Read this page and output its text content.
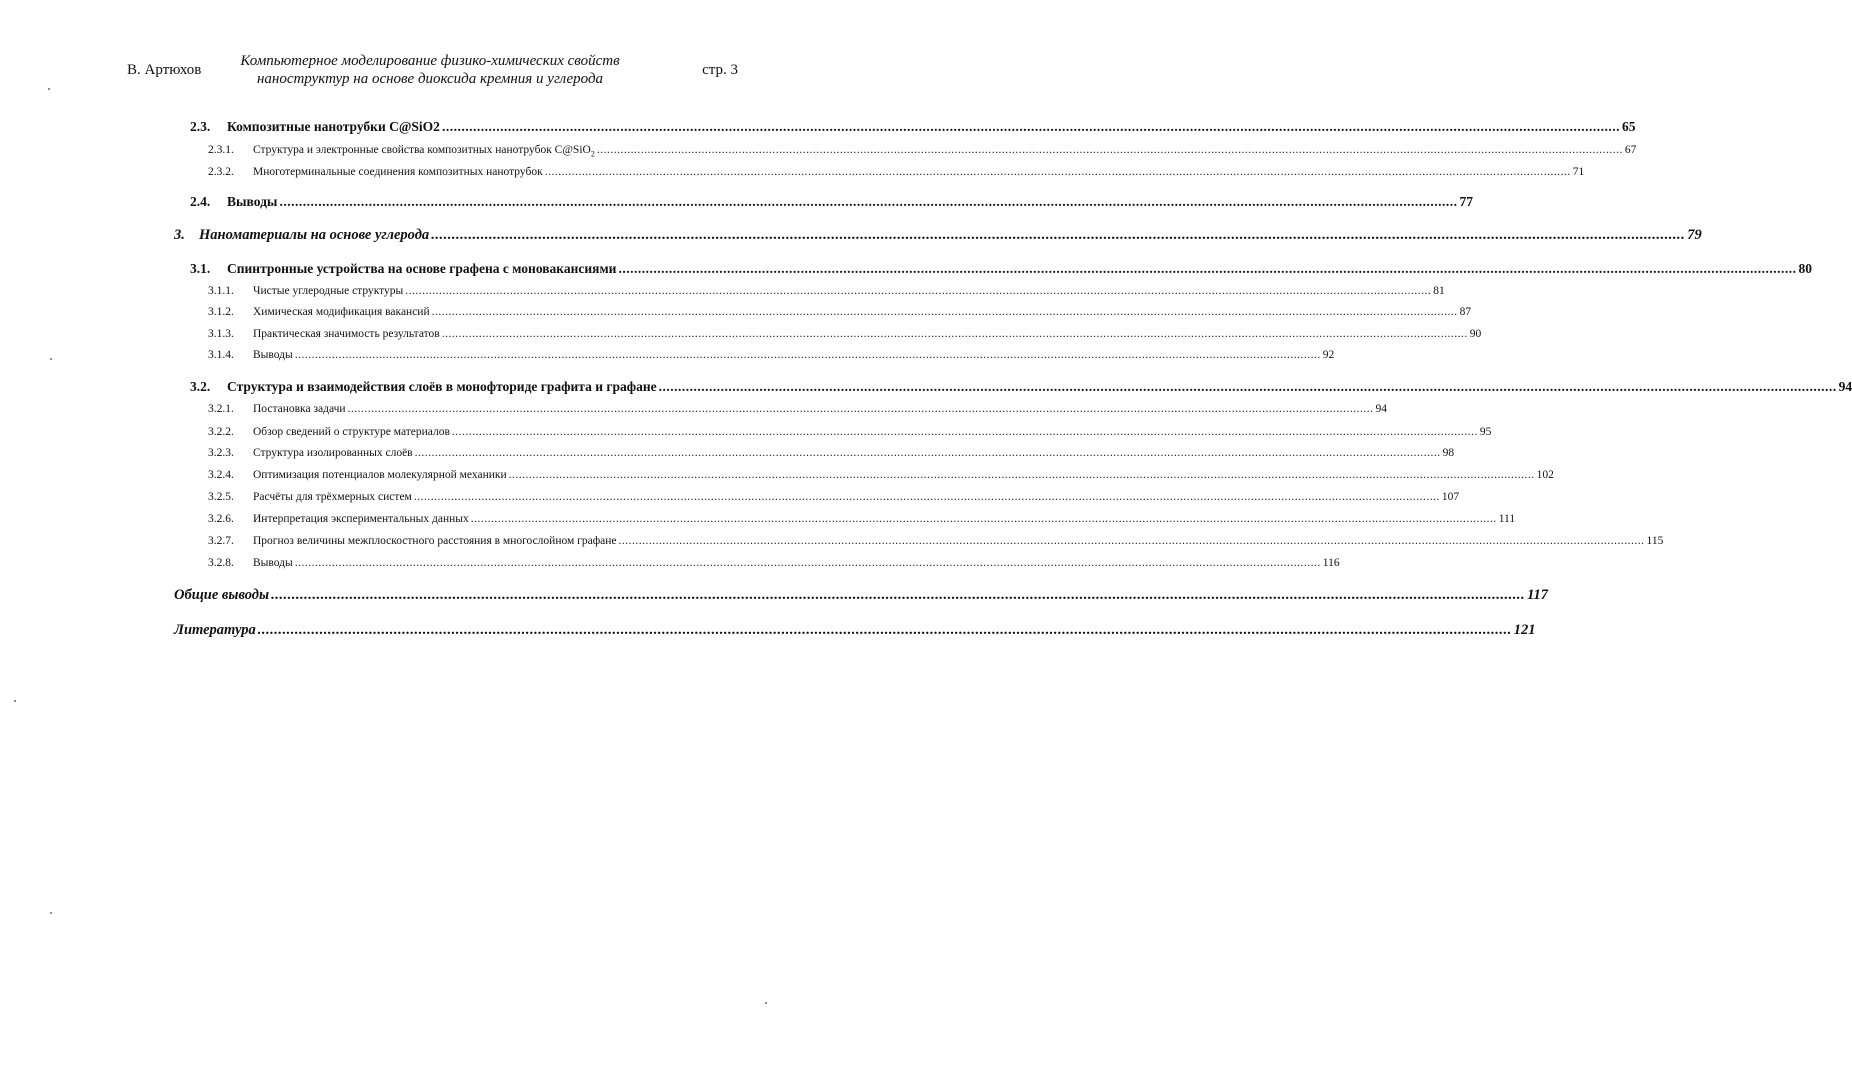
В. Артюхов
Компьютерное моделирование физико-химических свойств
наноструктур на основе диоксида кремния и углерода
стр. 3
2.3.	Композитные нанотрубки C@SiO2 .....	65
2.3.1.	Структура и электронные свойства композитных нанотрубок C@SiO$_2$ .....	67
2.3.2.	Многотерминальные соединения композитных нанотрубок .....	71
2.4.	Выводы .....	77
3. Наноматериалы на основе углерода .....	79
3.1.	Спинтронные устройства на основе графена с моновакансиями .....	80
3.1.1.	Чистые углеродные структуры .....	81
3.1.2.	Химическая модификация вакансий .....	87
3.1.3.	Практическая значимость результатов .....	90
3.1.4.	Выводы .....	92
3.2.	Структура и взаимодействия слоёв в монофториде графита и графане .....	94
3.2.1.	Постановка задачи .....	94
3.2.2.	Обзор сведений о структуре материалов .....	95
3.2.3.	Структура изолированных слоёв .....	98
3.2.4.	Оптимизация потенциалов молекулярной механики .....	102
3.2.5.	Расчёты для трёхмерных систем .....	107
3.2.6.	Интерпретация экспериментальных данных .....	111
3.2.7.	Прогноз величины межплоскостного расстояния в многослойном графане .....	115
3.2.8.	Выводы .....	116
Общие выводы .....	117
Литература .....	121
